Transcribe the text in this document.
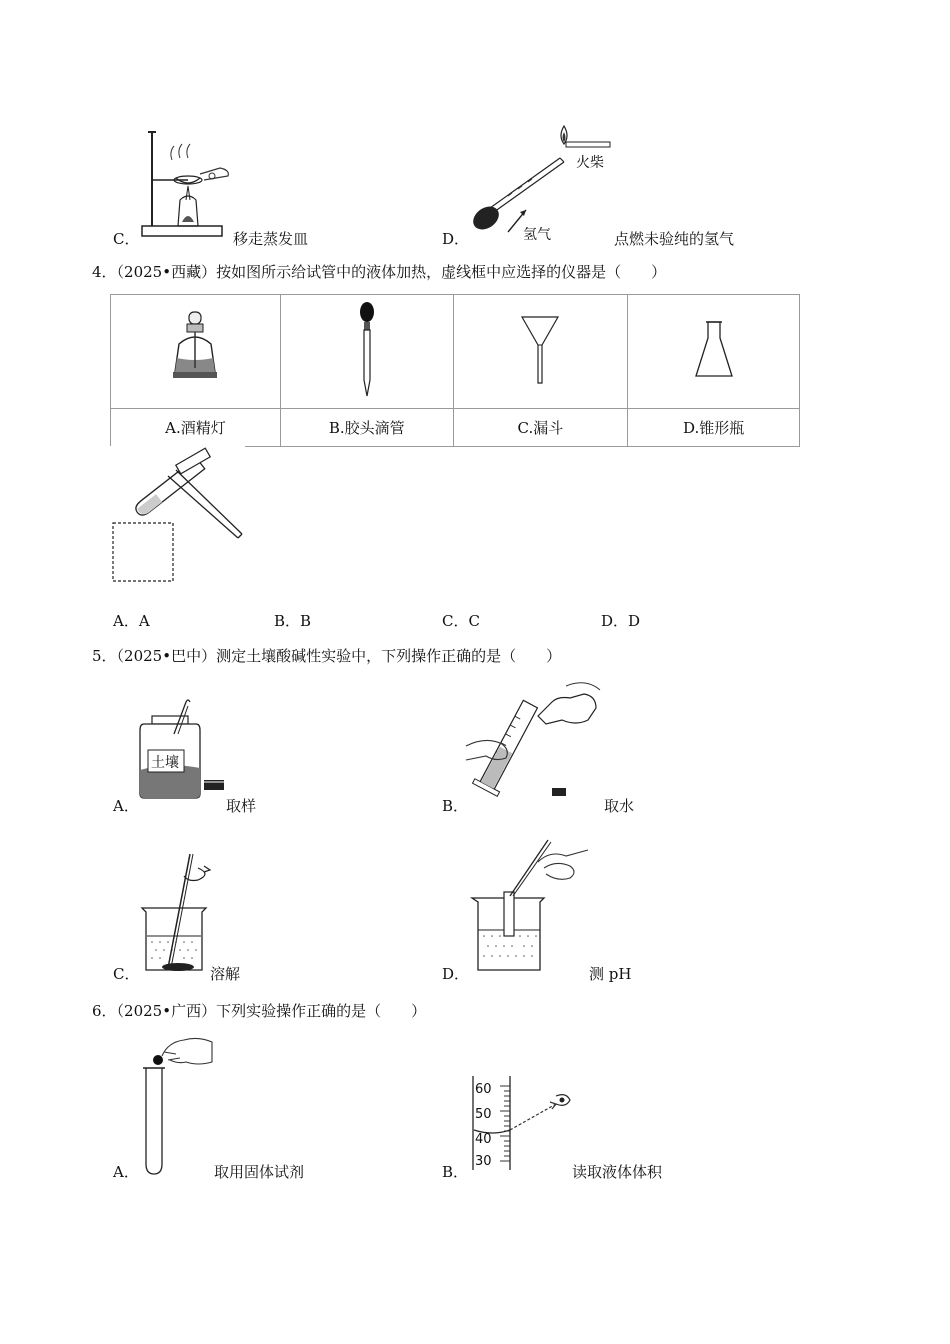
C．	移走蒸发皿	D．
火柴
氢气	点燃未验纯的氢气
4．（2025•西藏）按如图所示给试管中的液体加热，虚线框中应选择的仪器是（　　）

A.酒精灯	B.胶头滴管	C.漏斗	D.锥形瓶
A．A	B．B	C．C	D．D
5．（2025•巴中）测定土壤酸碱性实验中，下列操作正确的是（　　）
A．
土壤
取样	B．	取水
C．	溶解	D．	测 pH
6．（2025•广西）下列实验操作正确的是（　　）
A．	取用固体试剂	B．
60
50
40
30
读取液体体积
